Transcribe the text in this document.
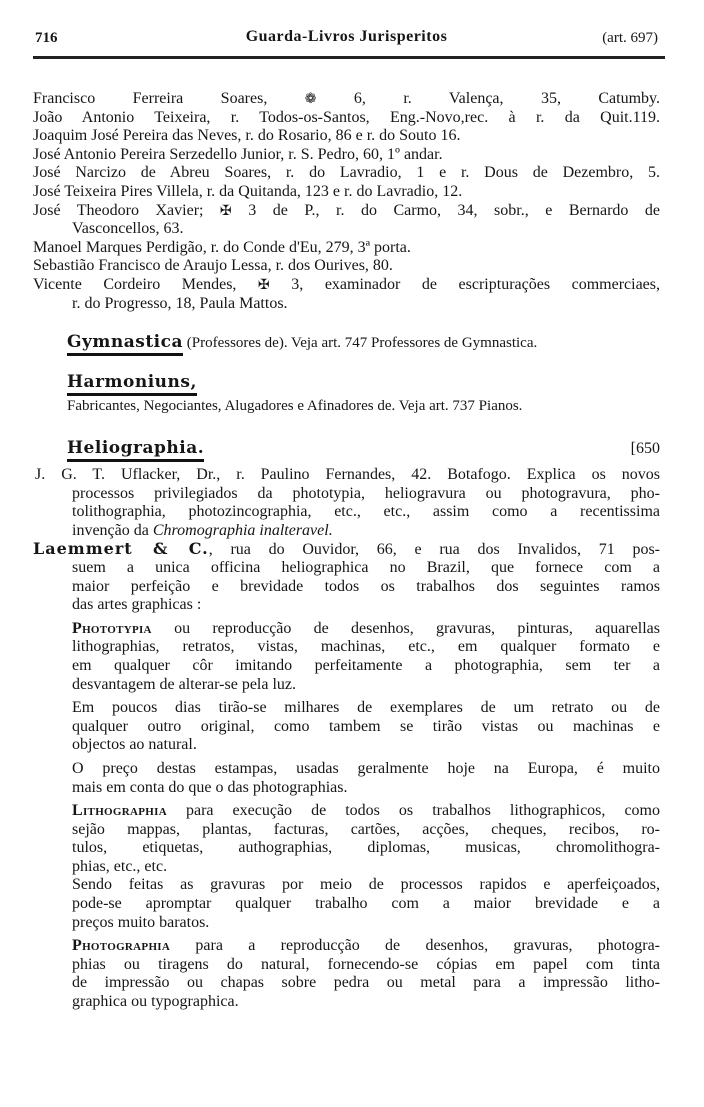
716	Guarda-Livros Jurisperitos	(art. 697)
Francisco Ferreira Soares, ❁ 6, r. Valença, 35, Catumby.
João Antonio Teixeira, r. Todos-os-Santos, Eng.-Novo,rec. à r. da Quit.119.
Joaquim José Pereira das Neves, r. do Rosario, 86 e r. do Souto 16.
José Antonio Pereira Serzedello Junior, r. S. Pedro, 60, 1º andar.
José Narcizo de Abreu Soares, r. do Lavradio, 1 e r. Dous de Dezembro, 5.
José Teixeira Pires Villela, r. da Quitanda, 123 e r. do Lavradio, 12.
José Theodoro Xavier; ✠ 3 de P., r. do Carmo, 34, sobr., e Bernardo de
Vasconcellos, 63.
Manoel Marques Perdigão, r. do Conde d'Eu, 279, 3ª porta.
Sebastião Francisco de Araujo Lessa, r. dos Ourives, 80.
Vicente Cordeiro Mendes, ✠ 3, examinador de escripturações commerciaes,
r. do Progresso, 18, Paula Mattos.
Gymnastica (Professores de). Veja art. 747 Professores de Gymnastica.
Harmoniuns,
Fabricantes, Negociantes, Alugadores e Afinadores de. Veja art. 737 Pianos.
Heliographia.	[650
J. G. T. Uflacker, Dr., r. Paulino Fernandes, 42. Botafogo. Explica os novos
processos privilegiados da phototypia, heliogravura ou photogravura, pho-
tolithographia, photozincographia, etc., etc., assim como a recentissima
invenção da Chromographia inalteravel.
Laemmert & C., rua do Ouvidor, 66, e rua dos Invalidos, 71 pos-
suem a unica officina heliographica no Brazil, que fornece com a
maior perfeição e brevidade todos os trabalhos dos seguintes ramos
das artes graphicas :
Phototypia ou reproducção de desenhos, gravuras, pinturas, aquarellas
lithographias, retratos, vistas, machinas, etc., em qualquer formato e
em qualquer côr imitando perfeitamente a photographia, sem ter a
desvantagem de alterar-se pela luz.
Em poucos dias tirão-se milhares de exemplares de um retrato ou de
qualquer outro original, como tambem se tirão vistas ou machinas e
objectos ao natural.
O preço destas estampas, usadas geralmente hoje na Europa, é muito
mais em conta do que o das photographias.
Lithographia para execução de todos os trabalhos lithographicos, como
sejão mappas, plantas, facturas, cartões, acções, cheques, recibos, ro-
tulos, etiquetas, authographias, diplomas, musicas, chromolithogra-
phias, etc., etc.
Sendo feitas as gravuras por meio de processos rapidos e aperfeiçoados,
pode-se apromptar qualquer trabalho com a maior brevidade e a
preços muito baratos.
Photographia para a reproducção de desenhos, gravuras, photogra-
phias ou tiragens do natural, fornecendo-se cópias em papel com tinta
de impressão ou chapas sobre pedra ou metal para a impressão litho-
graphica ou typographica.
